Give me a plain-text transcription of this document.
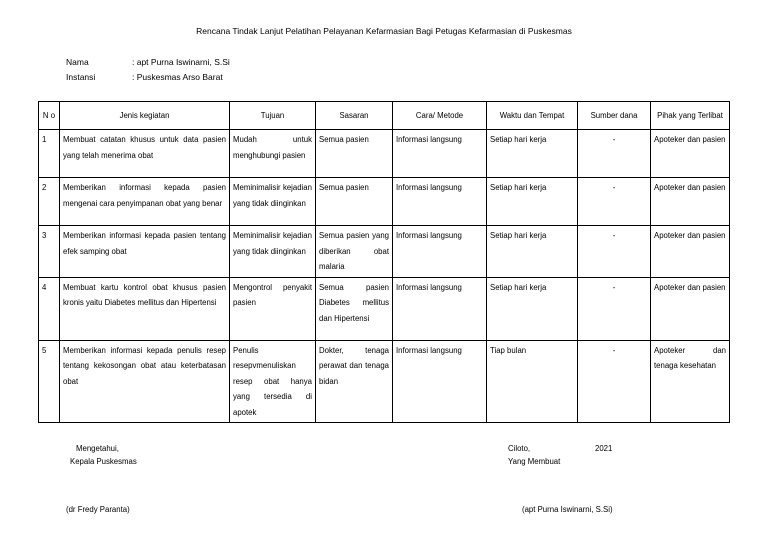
Rencana Tindak Lanjut Pelatihan Pelayanan Kefarmasian Bagi Petugas Kefarmasian di Puskesmas
Nama	: apt Purna Iswinarni, S.Si
Instansi	: Puskesmas Arso Barat
N o	Jenis kegiatan	Tujuan	Sasaran	Cara/ Metode	Waktu dan Tempat	Sumber dana	Pihak yang Terlibat
1	Membuat catatan khusus untuk data pasien yang telah menerima obat	Mudah untuk menghubungi pasien	Semua pasien	Informasi langsung	Setiap hari kerja	-	Apoteker dan pasien
2	Memberikan informasi kepada pasien mengenai cara penyimpanan obat yang benar	Meminimalisir kejadian yang tidak diinginkan	Semua pasien	Informasi langsung	Setiap hari kerja	-	Apoteker dan pasien
3	Memberikan informasi kepada pasien tentang efek samping obat	Meminimalisir kejadian yang tidak diinginkan	Semua pasien yang diberikan obat malaria	Informasi langsung	Setiap hari kerja	-	Apoteker dan pasien
4	Membuat kartu kontrol obat khusus pasien kronis yaitu Diabetes mellitus dan Hipertensi	Mengontrol penyakit pasien	Semua pasien Diabetes mellitus dan Hipertensi	Informasi langsung	Setiap hari kerja	-	Apoteker dan pasien
5	Memberikan informasi kepada penulis resep tentang kekosongan obat atau keterbatasan obat	Penulis resepvmenuliskan resep obat hanya yang tersedia di apotek	Dokter, tenaga perawat dan tenaga bidan	Informasi langsung	Tiap bulan	-	Apoteker dan tenaga kesehatan
Mengetahui,
Kepala Puskesmas
(dr Fredy Paranta)
Ciloto,	2021
Yang Membuat
(apt Purna Iswinarni, S.Si)
